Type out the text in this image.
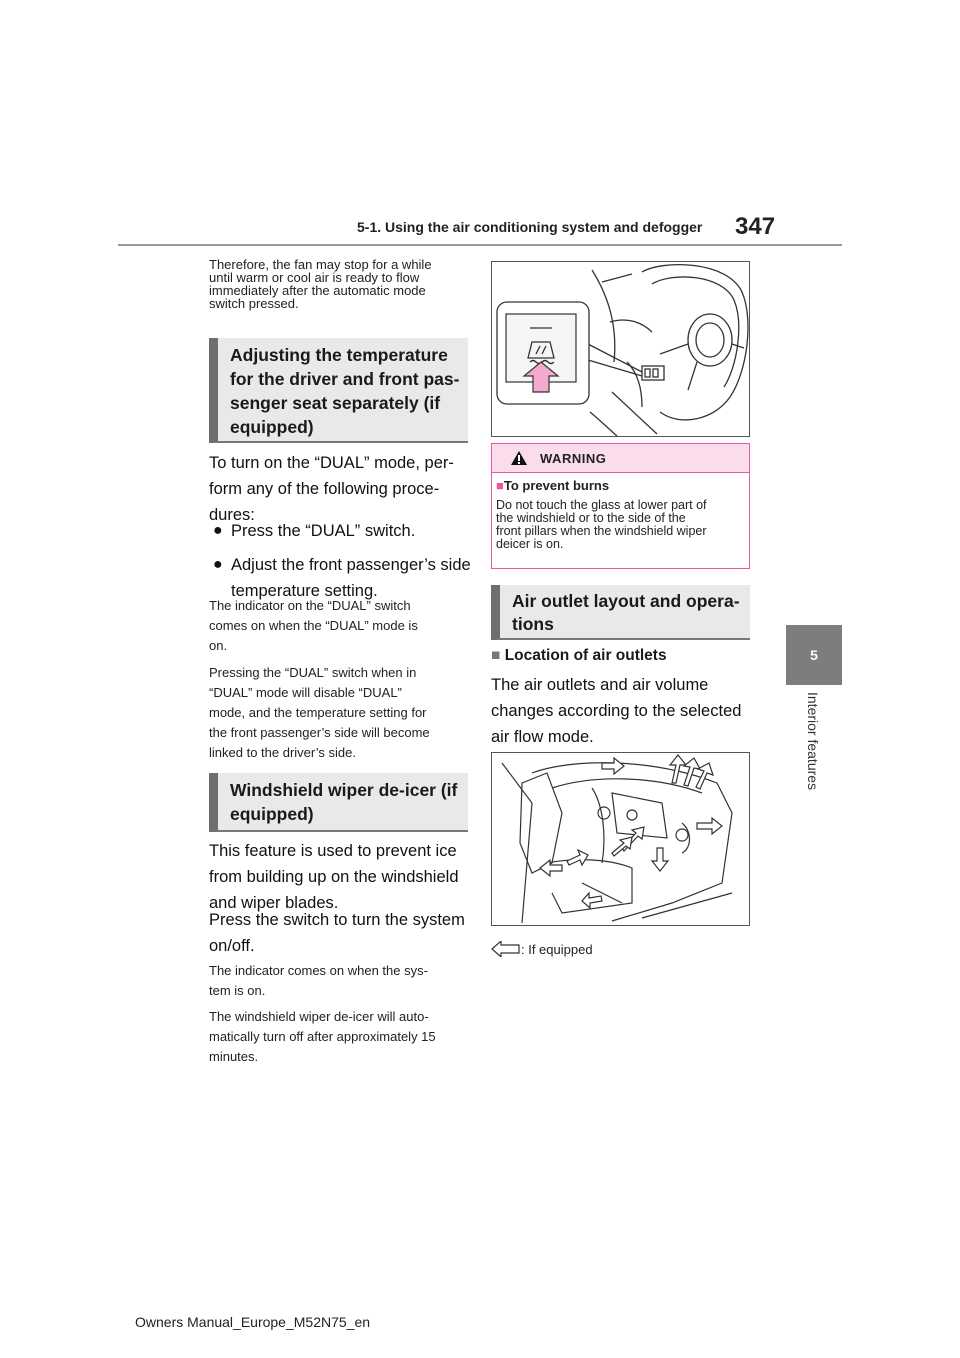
5-1. Using the air conditioning system and defogger 347
5
Interior features
Therefore, the fan may stop for a while
until warm or cool air is ready to flow
immediately after the automatic mode
switch pressed.
Adjusting the temperature
for the driver and front pas-
senger seat separately (if
equipped)
To turn on the “DUAL” mode, per-
form any of the following proce-
dures:
● Press the “DUAL” switch.
● Adjust the front passenger’s side
temperature setting.
The indicator on the “DUAL” switch
comes on when the “DUAL” mode is
on.
Pressing the “DUAL” switch when in
“DUAL” mode will disable “DUAL”
mode, and the temperature setting for
the front passenger’s side will become
linked to the driver’s side.
Windshield wiper de-icer (if
equipped)
This feature is used to prevent ice
from building up on the windshield
and wiper blades.
Press the switch to turn the system
on/off.
The indicator comes on when the sys-
tem is on.
The windshield wiper de-icer will auto-
matically turn off after approximately 15
minutes.
WARNING
■To prevent burns
Do not touch the glass at lower part of
the windshield or to the side of the
front pillars when the windshield wiper
deicer is on.
Air outlet layout and opera-
tions
■ Location of air outlets
The air outlets and air volume
changes according to the selected
air flow mode.
: If equipped
Owners Manual_Europe_M52N75_en
